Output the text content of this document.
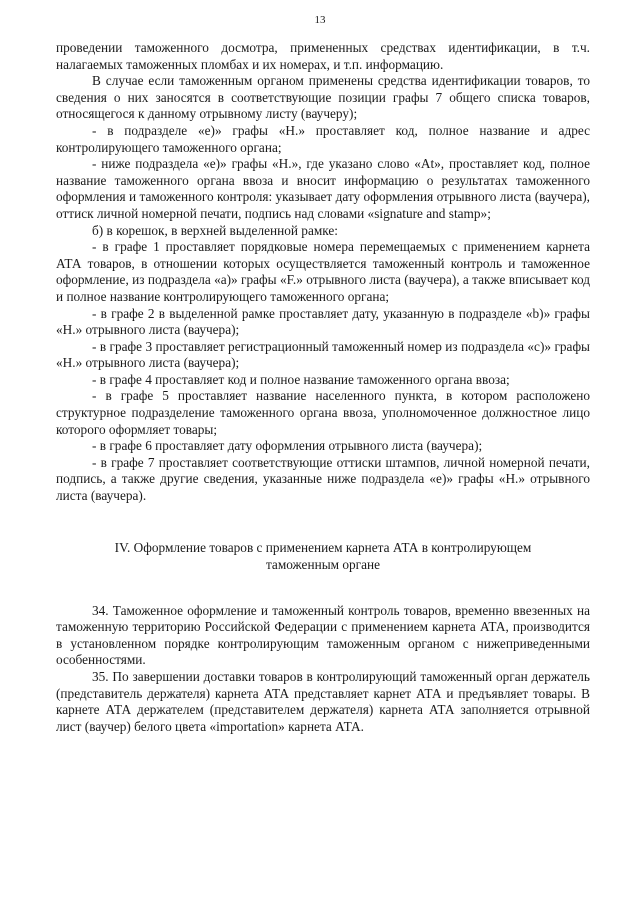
13

проведении таможенного досмотра, примененных средствах идентификации, в т.ч. налагаемых таможенных пломбах и их номерах, и т.п. информацию.

В случае если таможенным органом применены средства идентификации товаров, то сведения о них заносятся в соответствующие позиции графы 7 общего списка товаров, относящегося к данному отрывному листу (ваучеру);

- в подразделе «e)» графы «H.» проставляет код, полное название и адрес контролирующего таможенного органа;

- ниже подраздела «e)» графы «H.», где указано слово «At», проставляет код, полное название таможенного органа ввоза и вносит информацию о результатах таможенного оформления и таможенного контроля: указывает дату оформления отрывного листа (ваучера), оттиск личной номерной печати, подпись над словами «signature and stamp»;

б) в корешок, в верхней выделенной рамке:

- в графе 1 проставляет порядковые номера перемещаемых с применением карнета АТА товаров, в отношении которых осуществляется таможенный контроль и таможенное оформление, из подраздела «а)» графы «F.» отрывного листа (ваучера), а также вписывает код и полное название контролирующего таможенного органа;

- в графе 2 в выделенной рамке проставляет дату, указанную в подразделе «b)» графы «H.» отрывного листа (ваучера);

- в графе 3 проставляет регистрационный таможенный номер из подраздела «c)» графы «H.» отрывного листа (ваучера);

- в графе 4 проставляет код и полное название таможенного органа ввоза;

- в графе 5 проставляет название населенного пункта, в котором расположено структурное подразделение таможенного органа ввоза, уполномоченное должностное лицо которого оформляет товары;

- в графе 6 проставляет дату оформления отрывного листа (ваучера);

- в графе 7 проставляет соответствующие оттиски штампов, личной номерной печати, подпись, а также другие сведения, указанные ниже подраздела «e)» графы «H.» отрывного листа (ваучера).

IV. Оформление товаров с применением карнета АТА в контролирующем
таможенным органе

34. Таможенное оформление и таможенный контроль товаров, временно ввезенных на таможенную территорию Российской Федерации с применением карнета АТА, производится в установленном порядке контролирующим таможенным органом с нижеприведенными особенностями.

35. По завершении доставки товаров в контролирующий таможенный орган держатель (представитель держателя) карнета АТА представляет карнет АТА и предъявляет товары. В карнете АТА держателем (представителем держателя) карнета АТА заполняется отрывной лист (ваучер) белого цвета «importation» карнета АТА.
